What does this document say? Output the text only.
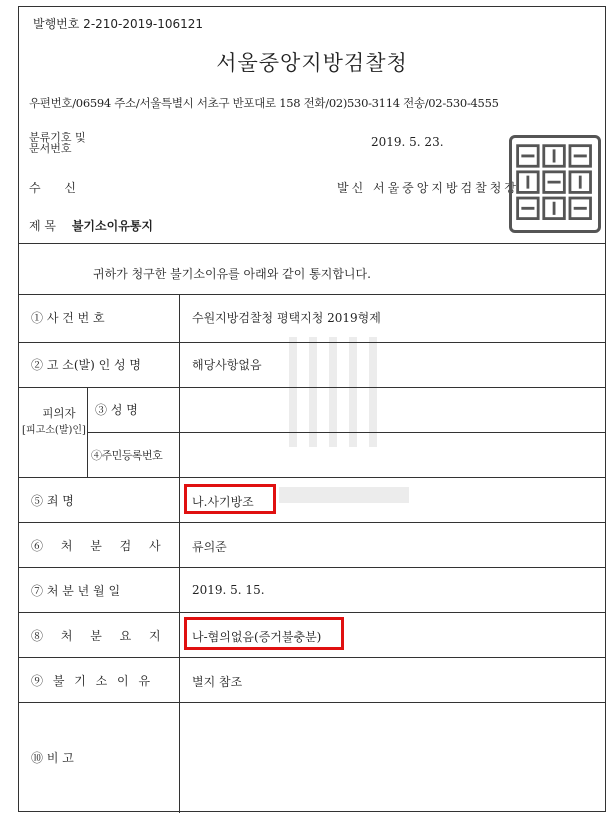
발행번호 2-210-2019-106121
서울중앙지방검찰청
우편번호/06594 주소/서울특별시 서초구 반포대로 158 전화/02)530-3114 전송/02-530-4555
분류기호 및
문서번호	2019. 5. 23.
수 신	발신 서울중앙지방검찰청장
제 목 불기소이유통지
귀하가 청구한 불기소이유를 아래와 같이 통지합니다.
① 사 건 번 호
② 고 소(발) 인 성 명
피의자
[피고소(발)인]
③ 성 명
④주민등록번호
⑤ 죄 명
⑥ 처 분 검 사
⑦ 처 분 년 월 일
⑧ 처 분 요 지
⑨ 불 기 소 이 유
⑩ 비 고
수원지방검찰청 평택지청 2019형제
해당사항없음
나.사기방조
류의준
2019. 5. 15.
나-혐의없음(증거불충분)
별지 참조
